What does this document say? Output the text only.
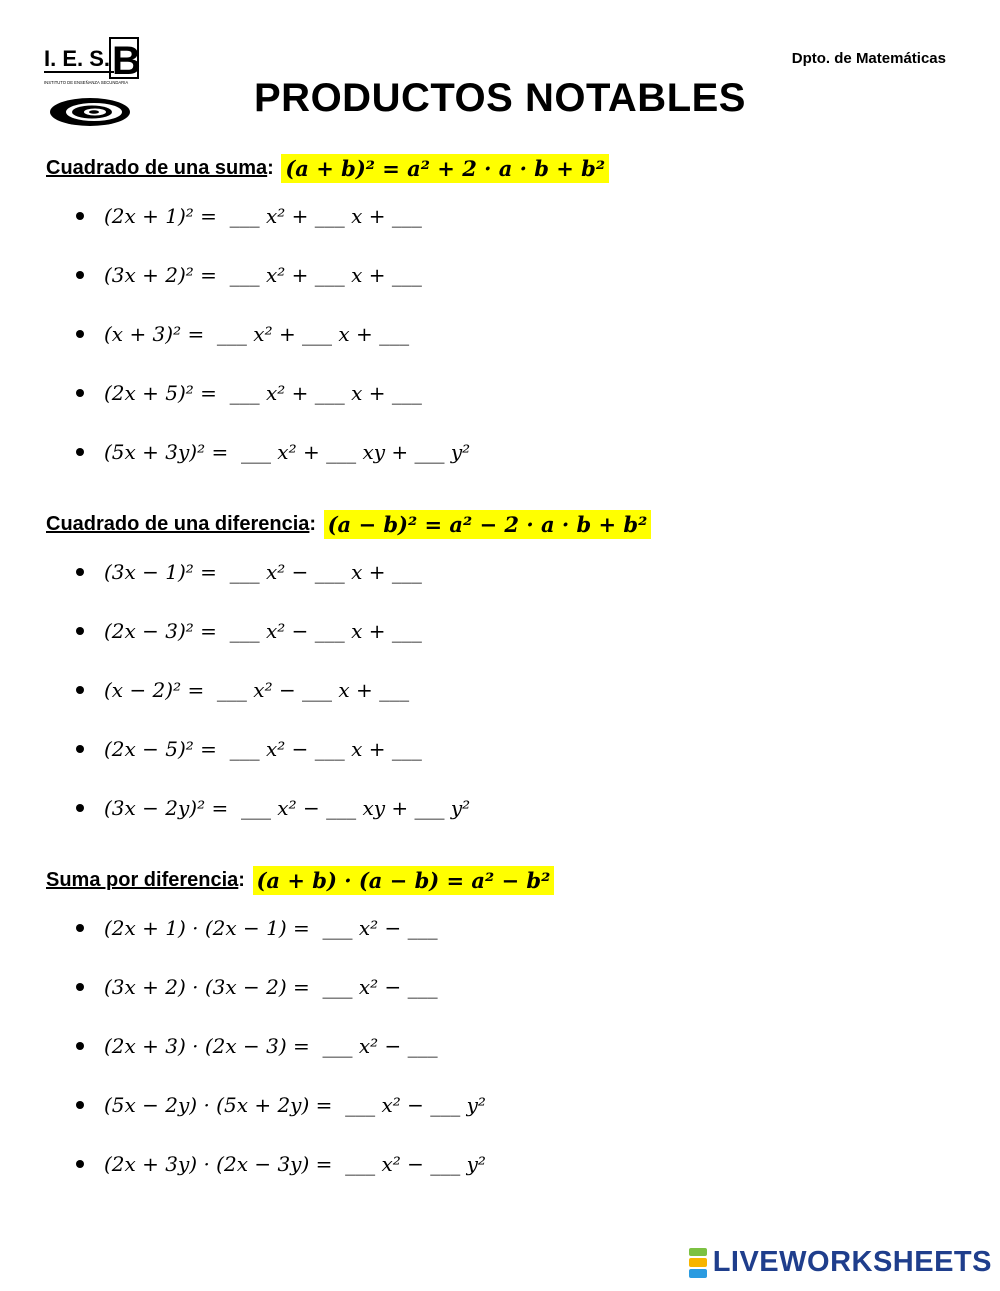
I. E. S. B
INSTITUTO DE ENSEÑANZA SECUNDARIA
Dpto. de Matemáticas
PRODUCTOS NOTABLES
Cuadrado de una suma : (a + b)² = a² + 2 · a · b + b²
(2x + 1)² =  ___ x² + ___ x + ___
(3x + 2)² =  ___ x² + ___ x + ___
(x + 3)² =  ___ x² + ___ x + ___
(2x + 5)² =  ___ x² + ___ x + ___
(5x + 3y)² =  ___ x² + ___ xy + ___ y²
Cuadrado de una diferencia : (a − b)² = a² − 2 · a · b + b²
(3x − 1)² =  ___ x² − ___ x + ___
(2x − 3)² =  ___ x² − ___ x + ___
(x − 2)² =  ___ x² − ___ x + ___
(2x − 5)² =  ___ x² − ___ x + ___
(3x − 2y)² =  ___ x² − ___ xy + ___ y²
Suma por diferencia : (a + b) · (a − b) = a² − b²
(2x + 1) · (2x − 1) =  ___ x² − ___
(3x + 2) · (3x − 2) =  ___ x² − ___
(2x + 3) · (2x − 3) =  ___ x² − ___
(5x − 2y) · (5x + 2y) =  ___ x² − ___ y²
(2x + 3y) · (2x − 3y) =  ___ x² − ___ y²
LIVEWORKSHEETS
